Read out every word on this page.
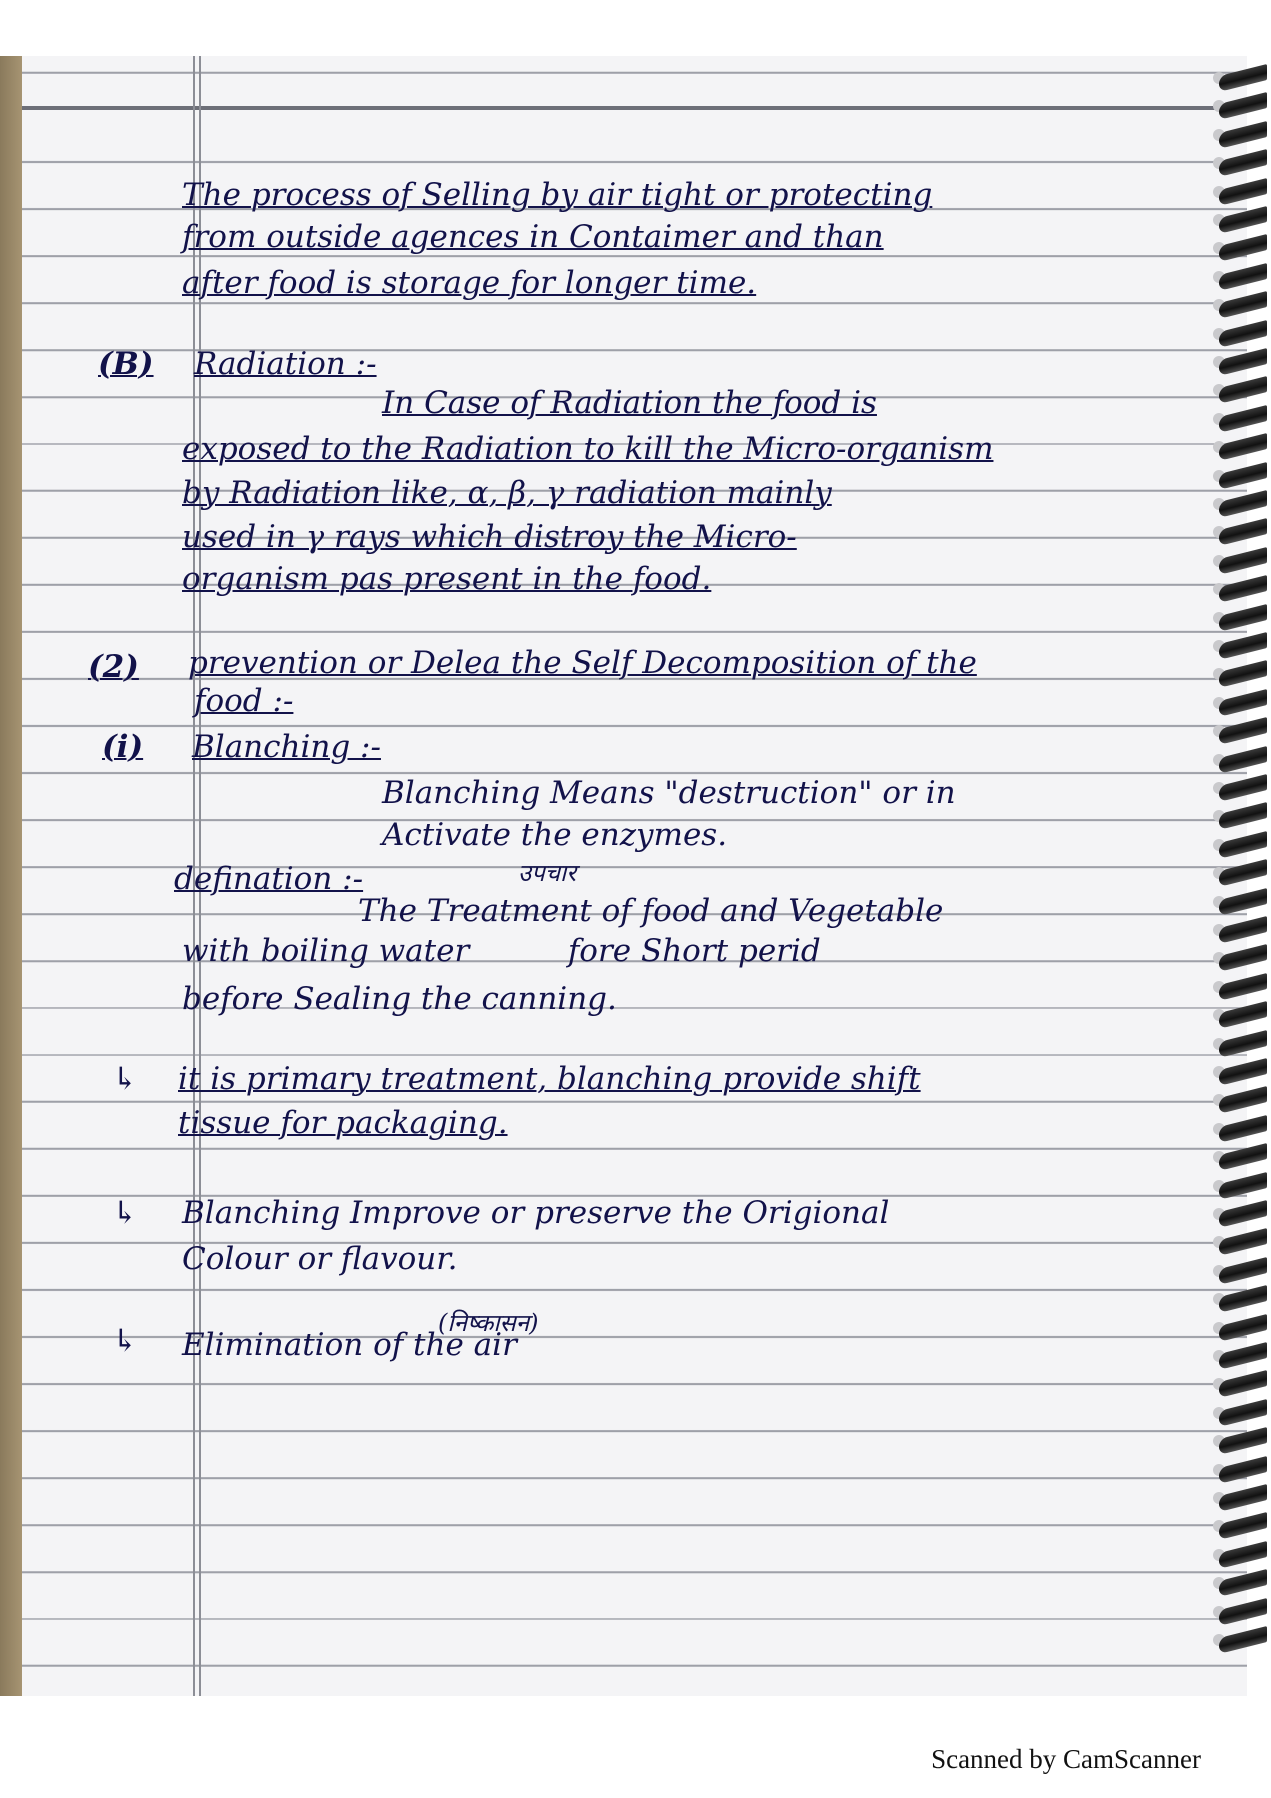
The process of Selling by air tight or protecting

from outside agences in Contaimer and than

after food is storage for longer time.

(B) Radiation :-

In Case of Radiation the food is

exposed to the Radiation to kill the Micro-organism

by Radiation like, α, β, γ radiation mainly

used in γ rays which distroy the Micro-

organism pas present in the food.

(2) prevention or Delea the Self Decomposition of the

food :-

(i) Blanching :-

Blanching Means "destruction" or in

Activate the enzymes.

defination :-	उपचार

The Treatment of food and Vegetable

with boiling water          fore Short perid

before Sealing the canning.

↳ it is primary treatment, blanching provide shift

tissue for packaging.

↳ Blanching Improve or preserve the Origional

Colour or flavour.

↳	(निष्कासन)

Elimination of the air

Scanned by CamScanner
